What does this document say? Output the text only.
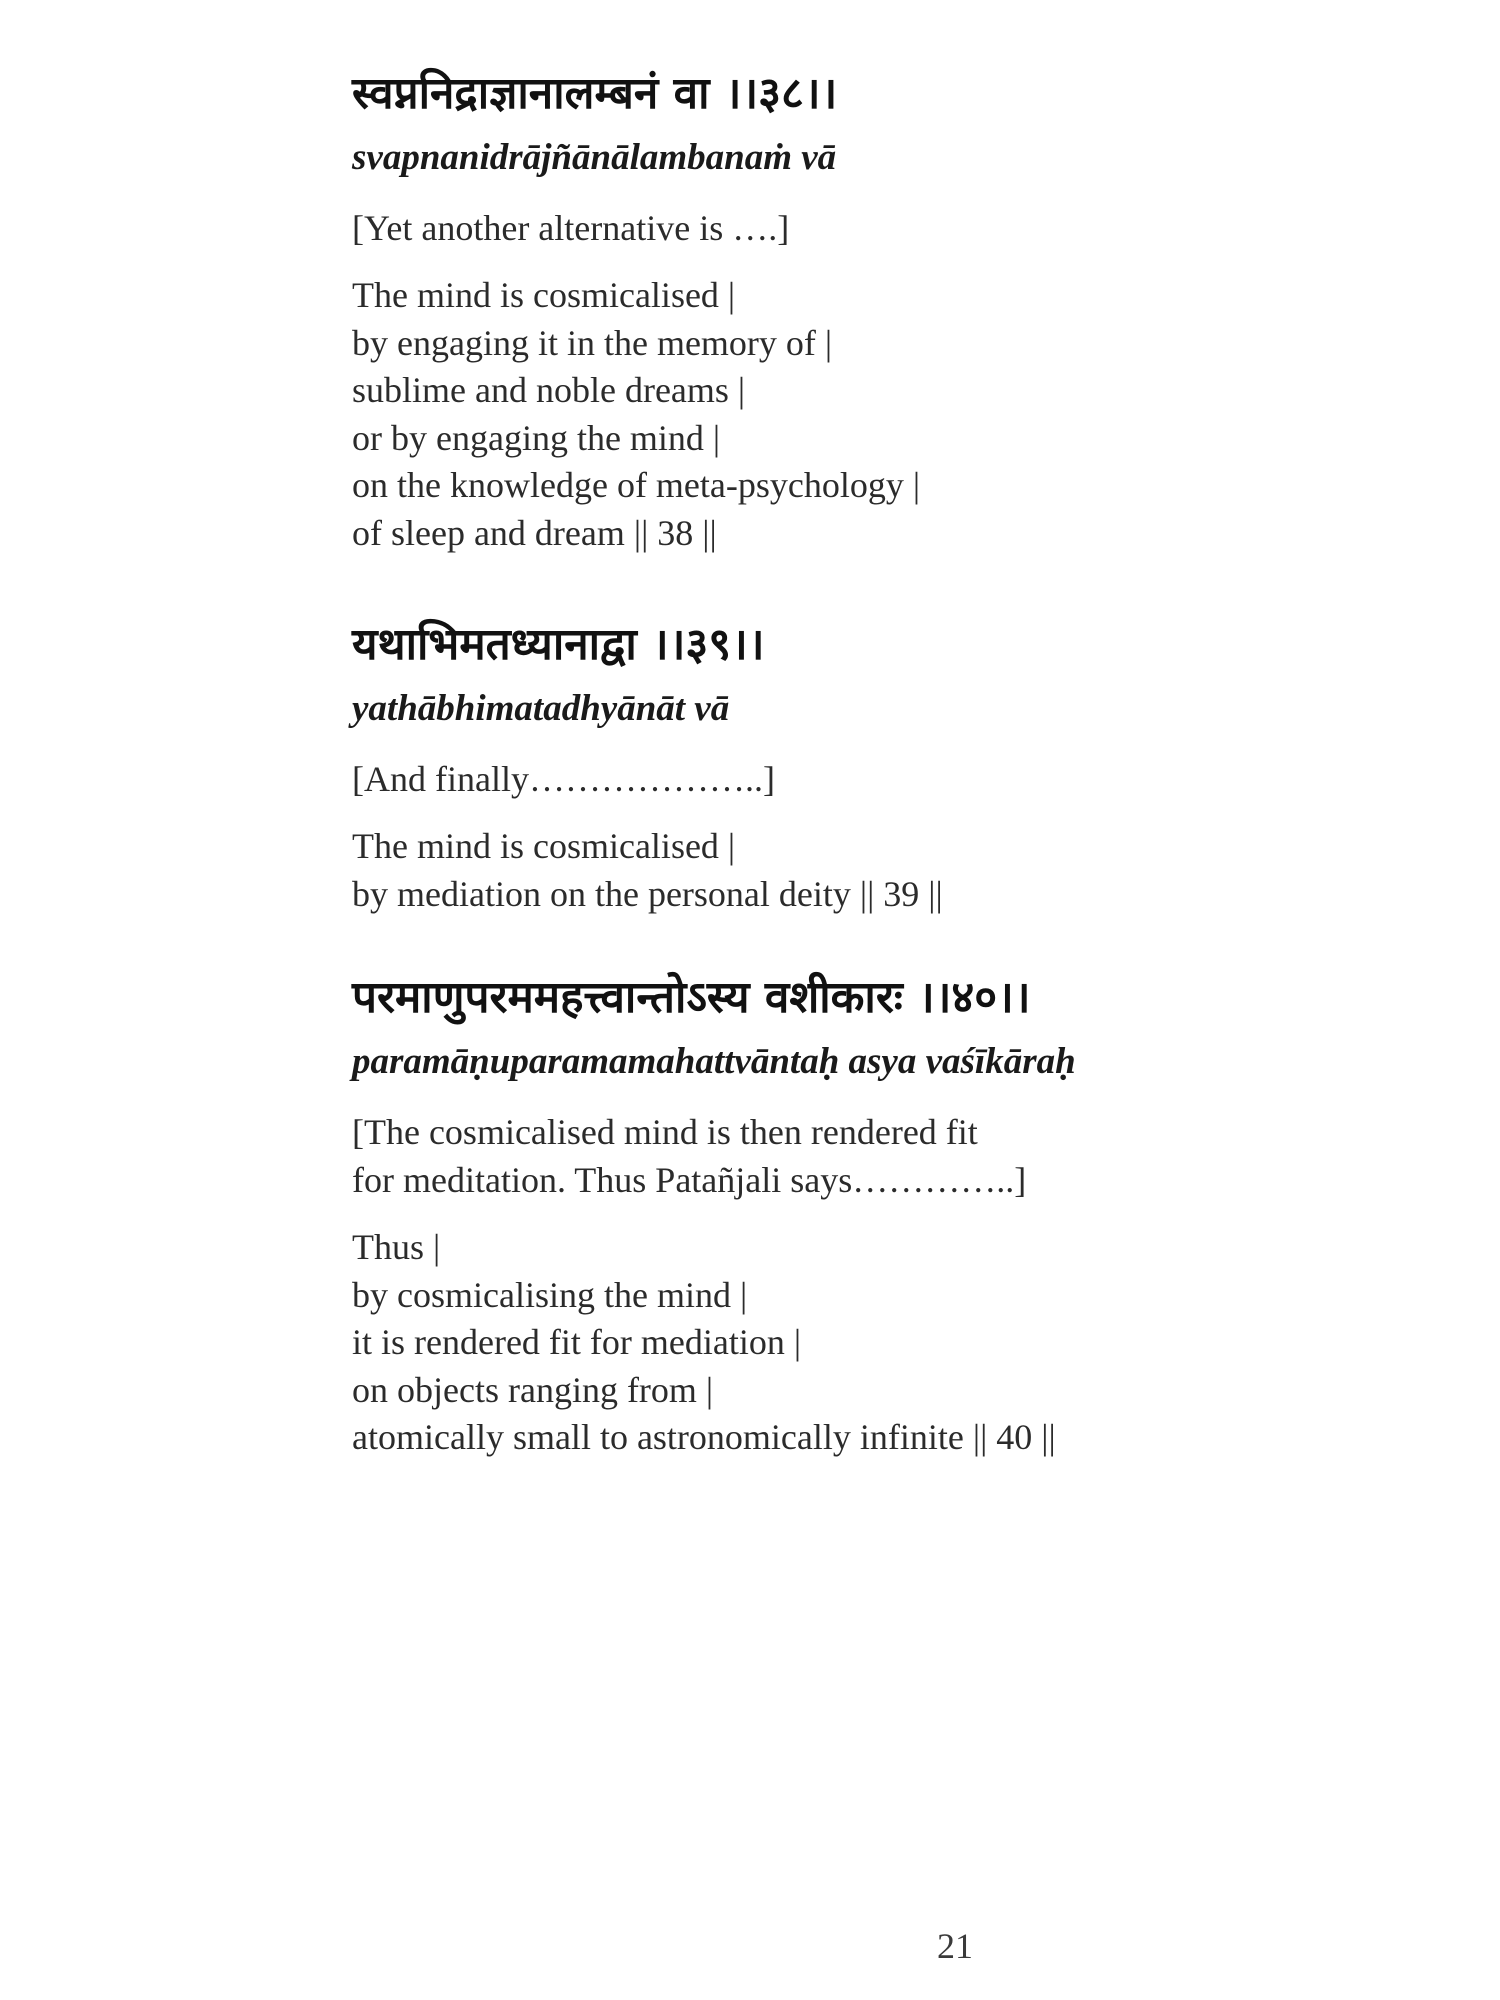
स्वप्ननिद्राज्ञानालम्बनं वा ।।३८।।
svapnanidrājñānālambanaṁ vā
[Yet another alternative is ….]
The mind is cosmicalised |
by engaging it in the memory of |
sublime and noble dreams |
or by engaging the mind |
on the knowledge of meta-psychology |
of sleep and dream || 38 ||
यथाभिमतध्यानाद्वा ।।३९।।
yathābhimatadhyānāt vā
[And finally………………..]
The mind is cosmicalised |
by mediation on the personal deity || 39 ||
परमाणुपरममहत्त्वान्तोऽस्य वशीकारः ।।४०।।
paramāṇuparamamahattvāntaḥ asya vaśīkāraḥ
[The cosmicalised mind is then rendered fit
for meditation. Thus Patañjali says…………..]
Thus |
by cosmicalising the mind |
it is rendered fit for mediation |
on objects ranging from |
atomically small to astronomically infinite || 40 ||
21
